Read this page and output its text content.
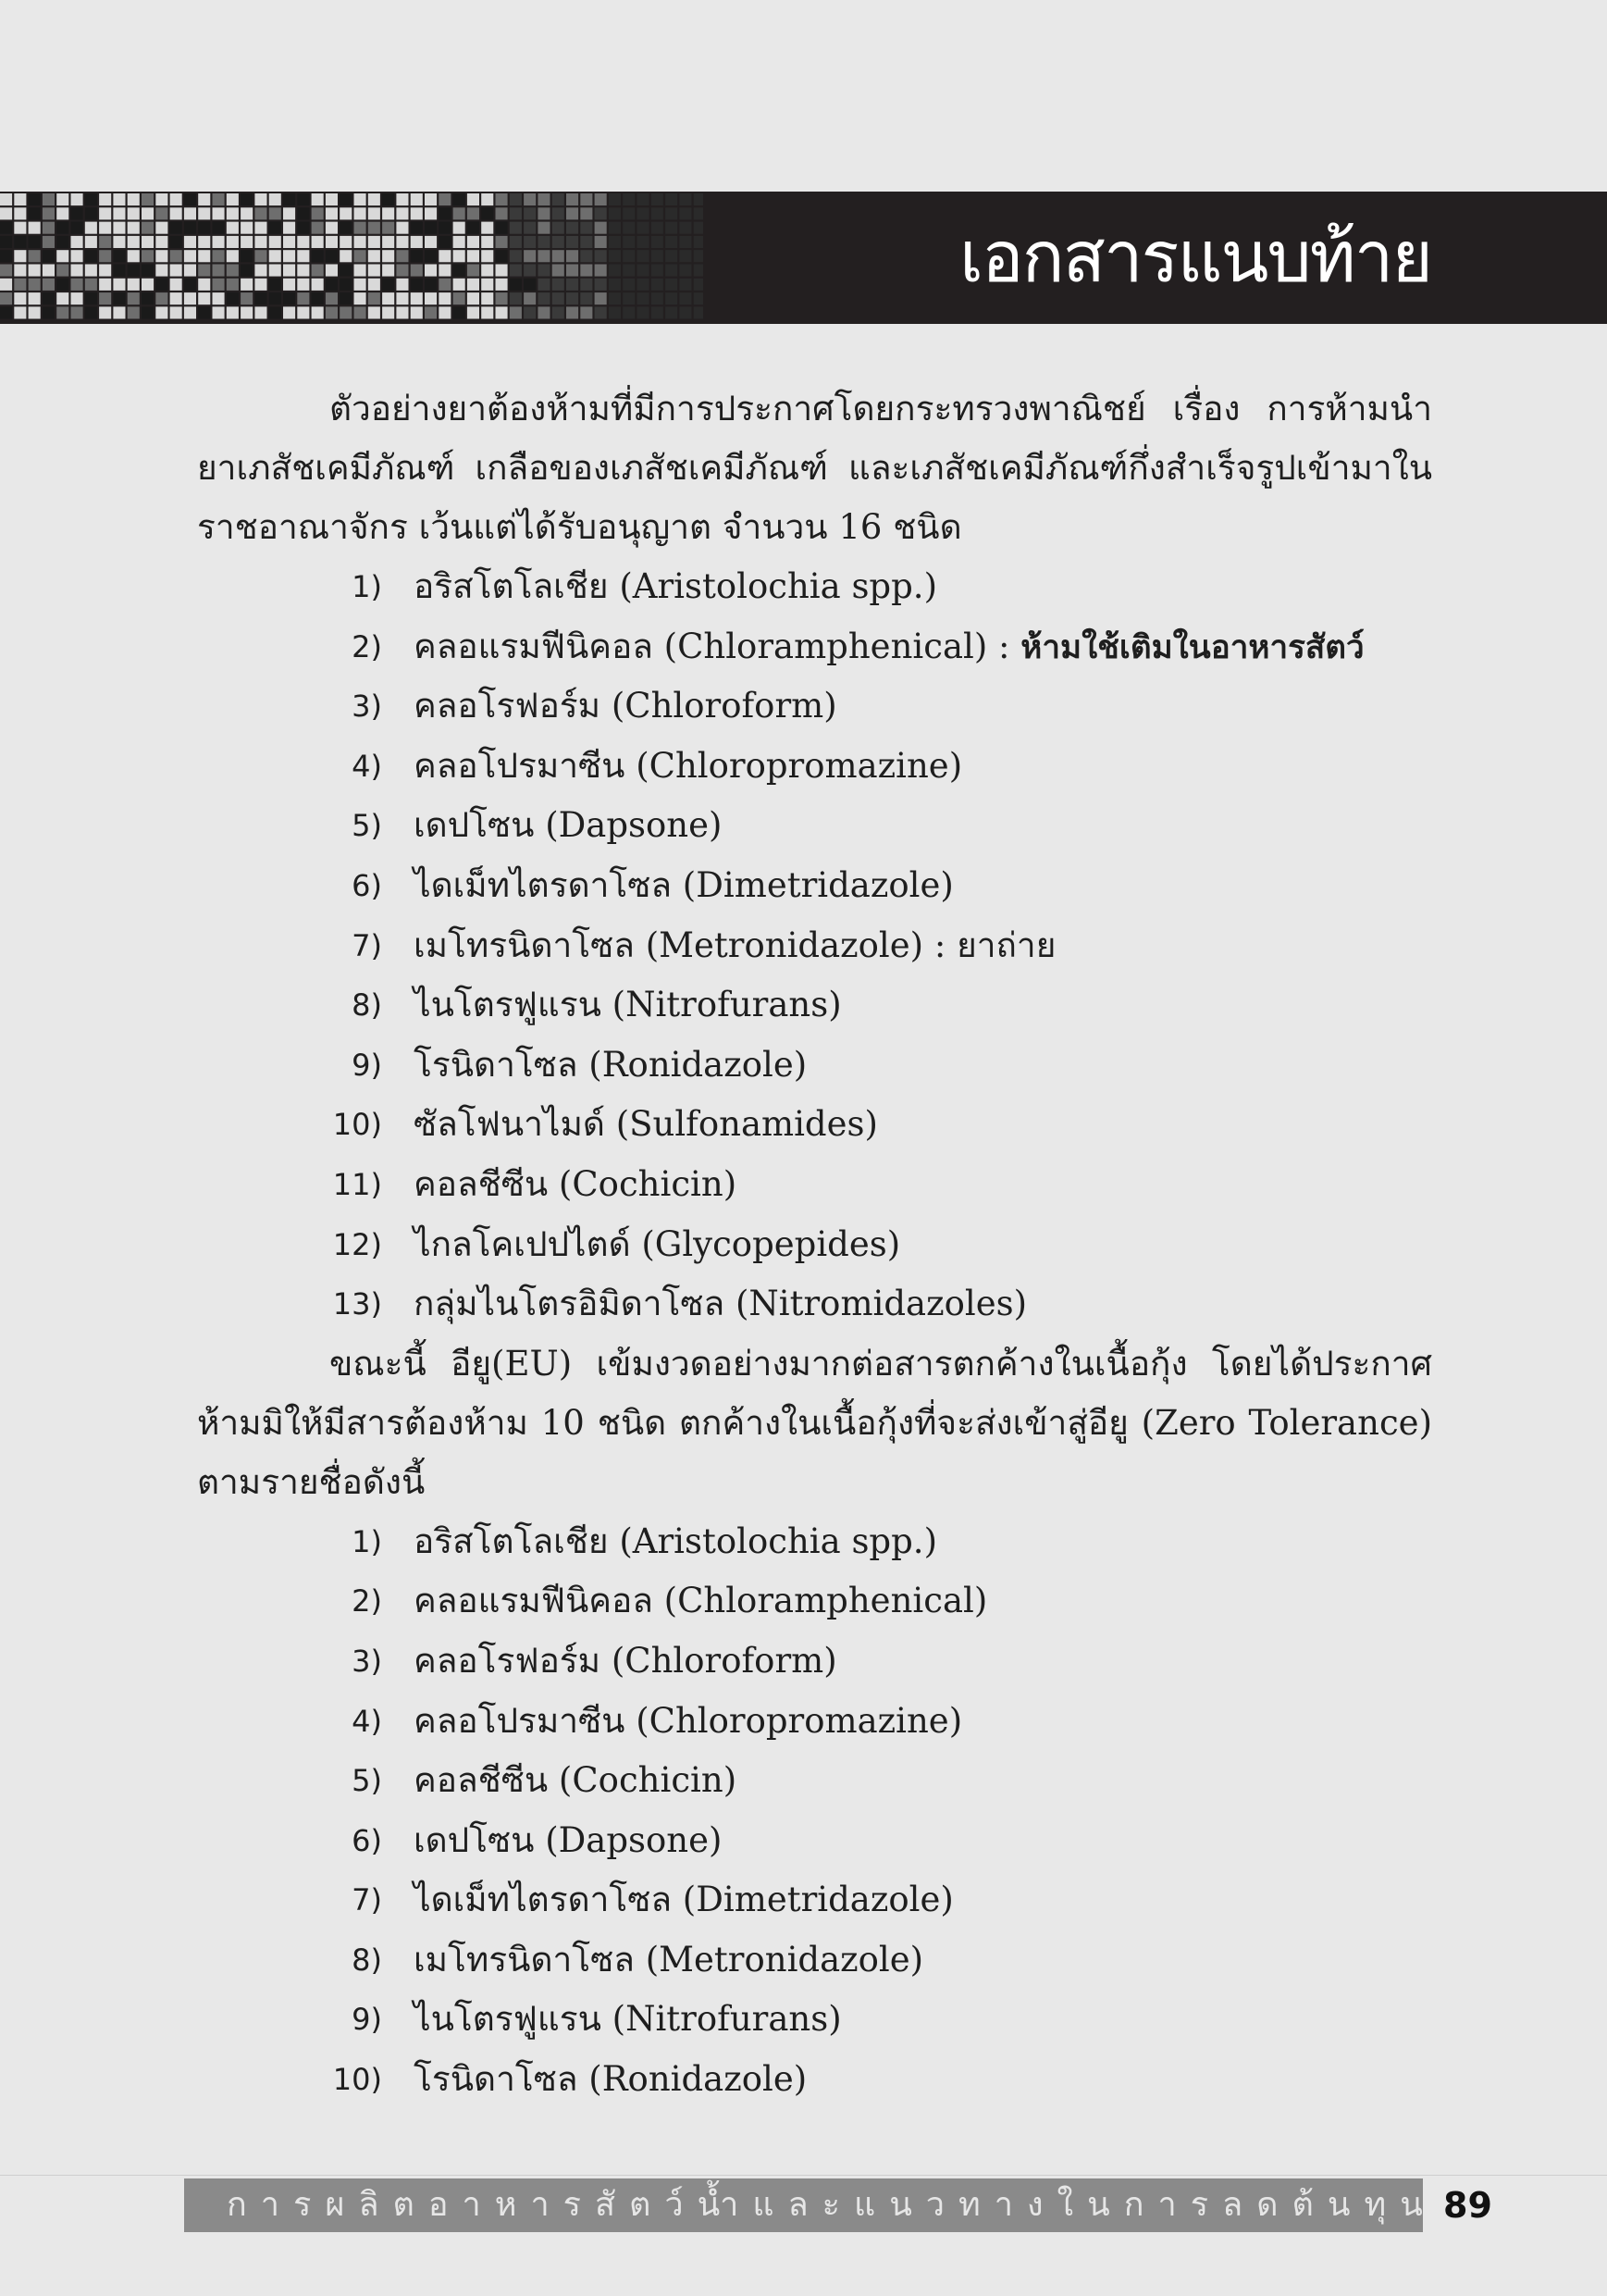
เอกสารแนบท้าย

ตัวอย่างยาต้องห้ามที่มีการประกาศโดยกระทรวงพาณิชย์ เรื่อง การห้ามนำยาเภสัชเคมีภัณฑ์ เกลือของเภสัชเคมีภัณฑ์ และเภสัชเคมีภัณฑ์กึ่งสำเร็จรูปเข้ามาในราชอาณาจักร เว้นแต่ได้รับอนุญาต จำนวน 16 ชนิด

1) อริสโตโลเชีย (Aristolochia spp.)
2) คลอแรมฟีนิคอล (Chloramphenical) : ห้ามใช้เติมในอาหารสัตว์
3) คลอโรฟอร์ม (Chloroform)
4) คลอโปรมาซีน (Chloropromazine)
5) เดปโซน (Dapsone)
6) ไดเม็ทไตรดาโซล (Dimetridazole)
7) เมโทรนิดาโซล (Metronidazole) : ยาถ่าย
8) ไนโตรฟูแรน (Nitrofurans)
9) โรนิดาโซล (Ronidazole)
10) ซัลโฟนาไมด์ (Sulfonamides)
11) คอลชีซีน (Cochicin)
12) ไกลโคเปปไตด์ (Glycopepides)
13) กลุ่มไนโตรอิมิดาโซล (Nitromidazoles)

ขณะนี้ อียู(EU) เข้มงวดอย่างมากต่อสารตกค้างในเนื้อกุ้ง โดยได้ประกาศห้ามมิให้มีสารต้องห้าม 10 ชนิด ตกค้างในเนื้อกุ้งที่จะส่งเข้าสู่อียู (Zero Tolerance) ตามรายชื่อดังนี้

1) อริสโตโลเชีย (Aristolochia spp.)
2) คลอแรมฟีนิคอล (Chloramphenical)
3) คลอโรฟอร์ม (Chloroform)
4) คลอโปรมาซีน (Chloropromazine)
5) คอลชีซีน (Cochicin)
6) เดปโซน (Dapsone)
7) ไดเม็ทไตรดาโซล (Dimetridazole)
8) เมโทรนิดาโซล (Metronidazole)
9) ไนโตรฟูแรน (Nitrofurans)
10) โรนิดาโซล (Ronidazole)
การผลิตอาหารสัตว์น้ำและแนวทางในการลดต้นทุน 89
